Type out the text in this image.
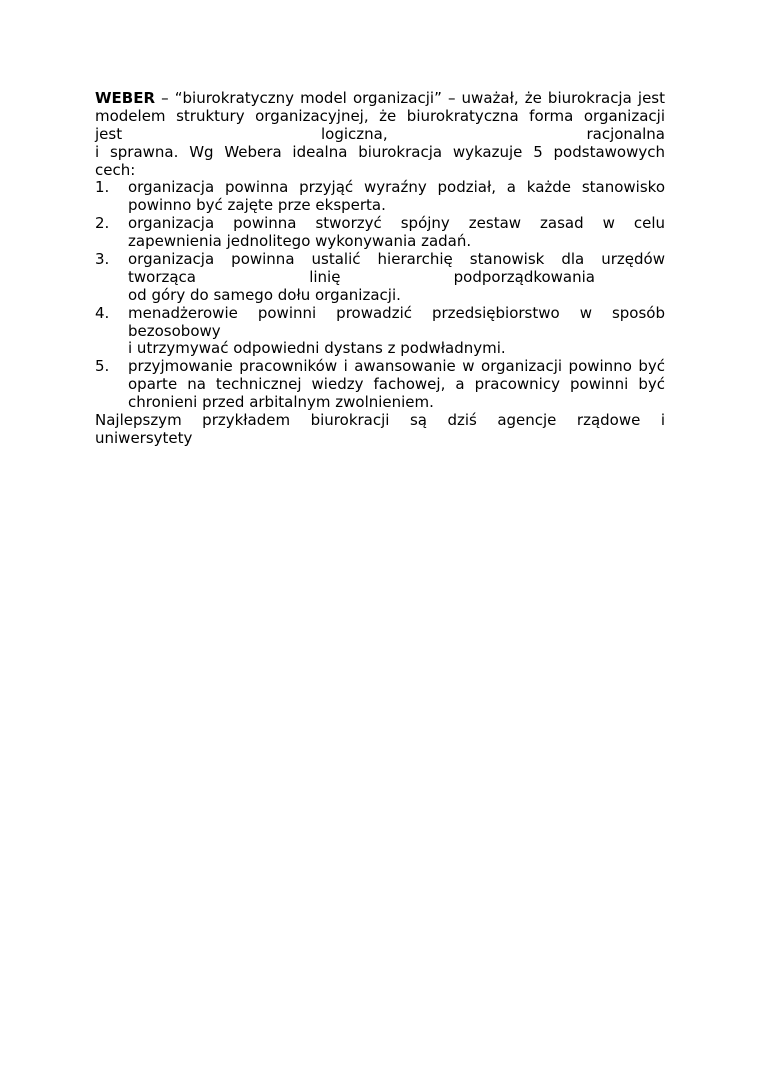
WEBER – “biurokratyczny model organizacji” – uważał, że biurokracja jest
modelem struktury organizacyjnej, że biurokratyczna forma organizacji
jest logiczna, racjonalna
i sprawna. Wg Webera idealna biurokracja wykazuje 5 podstawowych
cech:
1. organizacja powinna przyjąć wyraźny podział, a każde stanowisko
powinno być zajęte prze eksperta.
2. organizacja powinna stworzyć spójny zestaw zasad w celu
zapewnienia jednolitego wykonywania zadań.
3. organizacja powinna ustalić hierarchię stanowisk dla urzędów
tworząca linię podporządkowania
od góry do samego dołu organizacji.
4. menadżerowie powinni prowadzić przedsiębiorstwo w sposób
bezosobowy
i utrzymywać odpowiedni dystans z podwładnymi.
5. przyjmowanie pracowników i awansowanie w organizacji powinno być
oparte na technicznej wiedzy fachowej, a pracownicy powinni być
chronieni przed arbitalnym zwolnieniem.
Najlepszym przykładem biurokracji są dziś agencje rządowe i
uniwersytety
